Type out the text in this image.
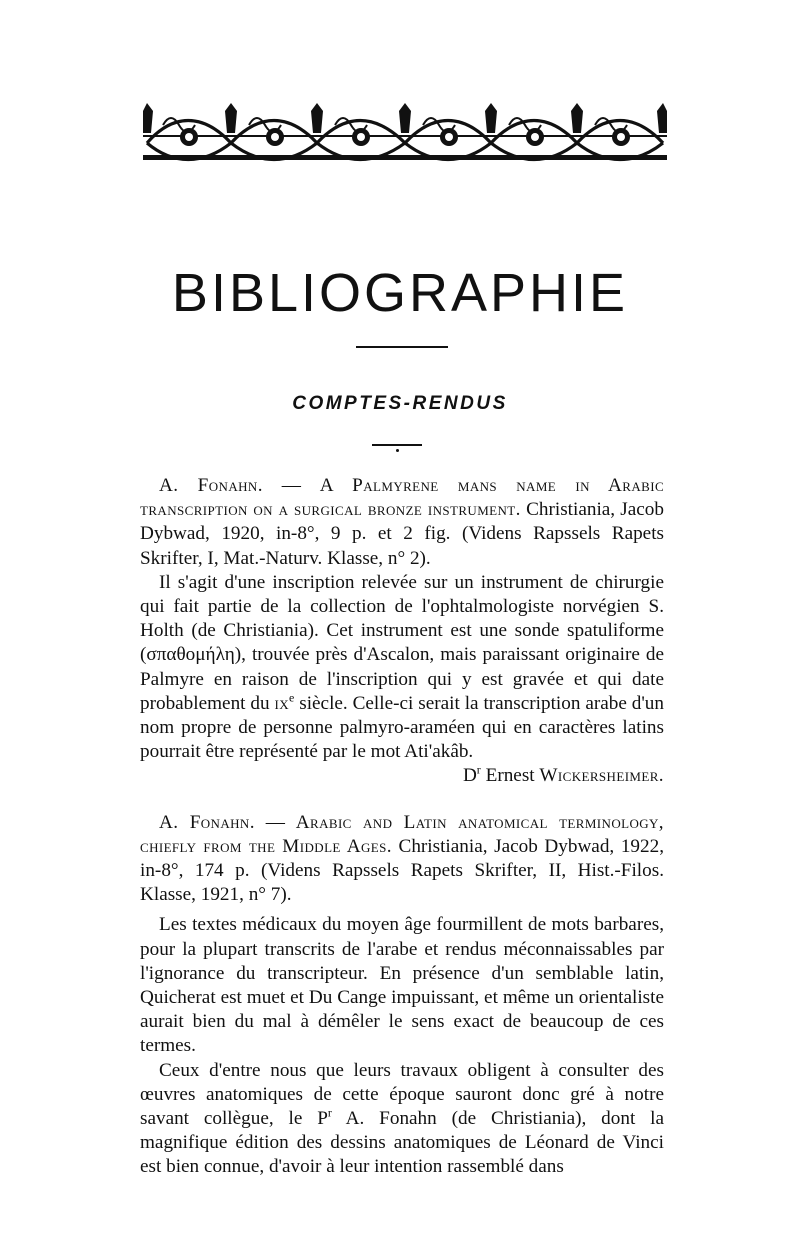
BIBLIOGRAPHIE
COMPTES-RENDUS

A. Fonahn. — A Palmyrene mans name in Arabic transcription on a surgical bronze instrument. Christiania, Jacob Dybwad, 1920, in-8°, 9 p. et 2 fig. (Videns Rapssels Rapets Skrifter, I, Mat.-Naturv. Klasse, n° 2).

Il s'agit d'une inscription relevée sur un instrument de chirurgie qui fait partie de la collection de l'ophtalmologiste norvégien S. Holth (de Christiania). Cet instrument est une sonde spatuliforme (σπαθομήλη), trouvée près d'Ascalon, mais paraissant originaire de Palmyre en raison de l'inscription qui y est gravée et qui date probablement du $ix^e$ siècle. Celle-ci serait la transcription arabe d'un nom propre de personne palmyro-araméen qui en caractères latins pourrait être représenté par le mot Ati'akâb.

$D^r$ Ernest Wickersheimer.

A. Fonahn. — Arabic and Latin anatomical terminology, chiefly from the Middle Ages. Christiania, Jacob Dybwad, 1922, in-8°, 174 p. (Videns Rapssels Rapets Skrifter, II, Hist.-Filos. Klasse, 1921, n° 7).

Les textes médicaux du moyen âge fourmillent de mots barbares, pour la plupart transcrits de l'arabe et rendus méconnaissables par l'ignorance du transcripteur. En présence d'un semblable latin, Quicherat est muet et Du Cange impuissant, et même un orientaliste aurait bien du mal à démêler le sens exact de beaucoup de ces termes.

Ceux d'entre nous que leurs travaux obligent à consulter des œuvres anatomiques de cette époque sauront donc gré à notre savant collègue, le $P^r$ A. Fonahn (de Christiania), dont la magnifique édition des dessins anatomiques de Léonard de Vinci est bien connue, d'avoir à leur intention rassemblé dans
